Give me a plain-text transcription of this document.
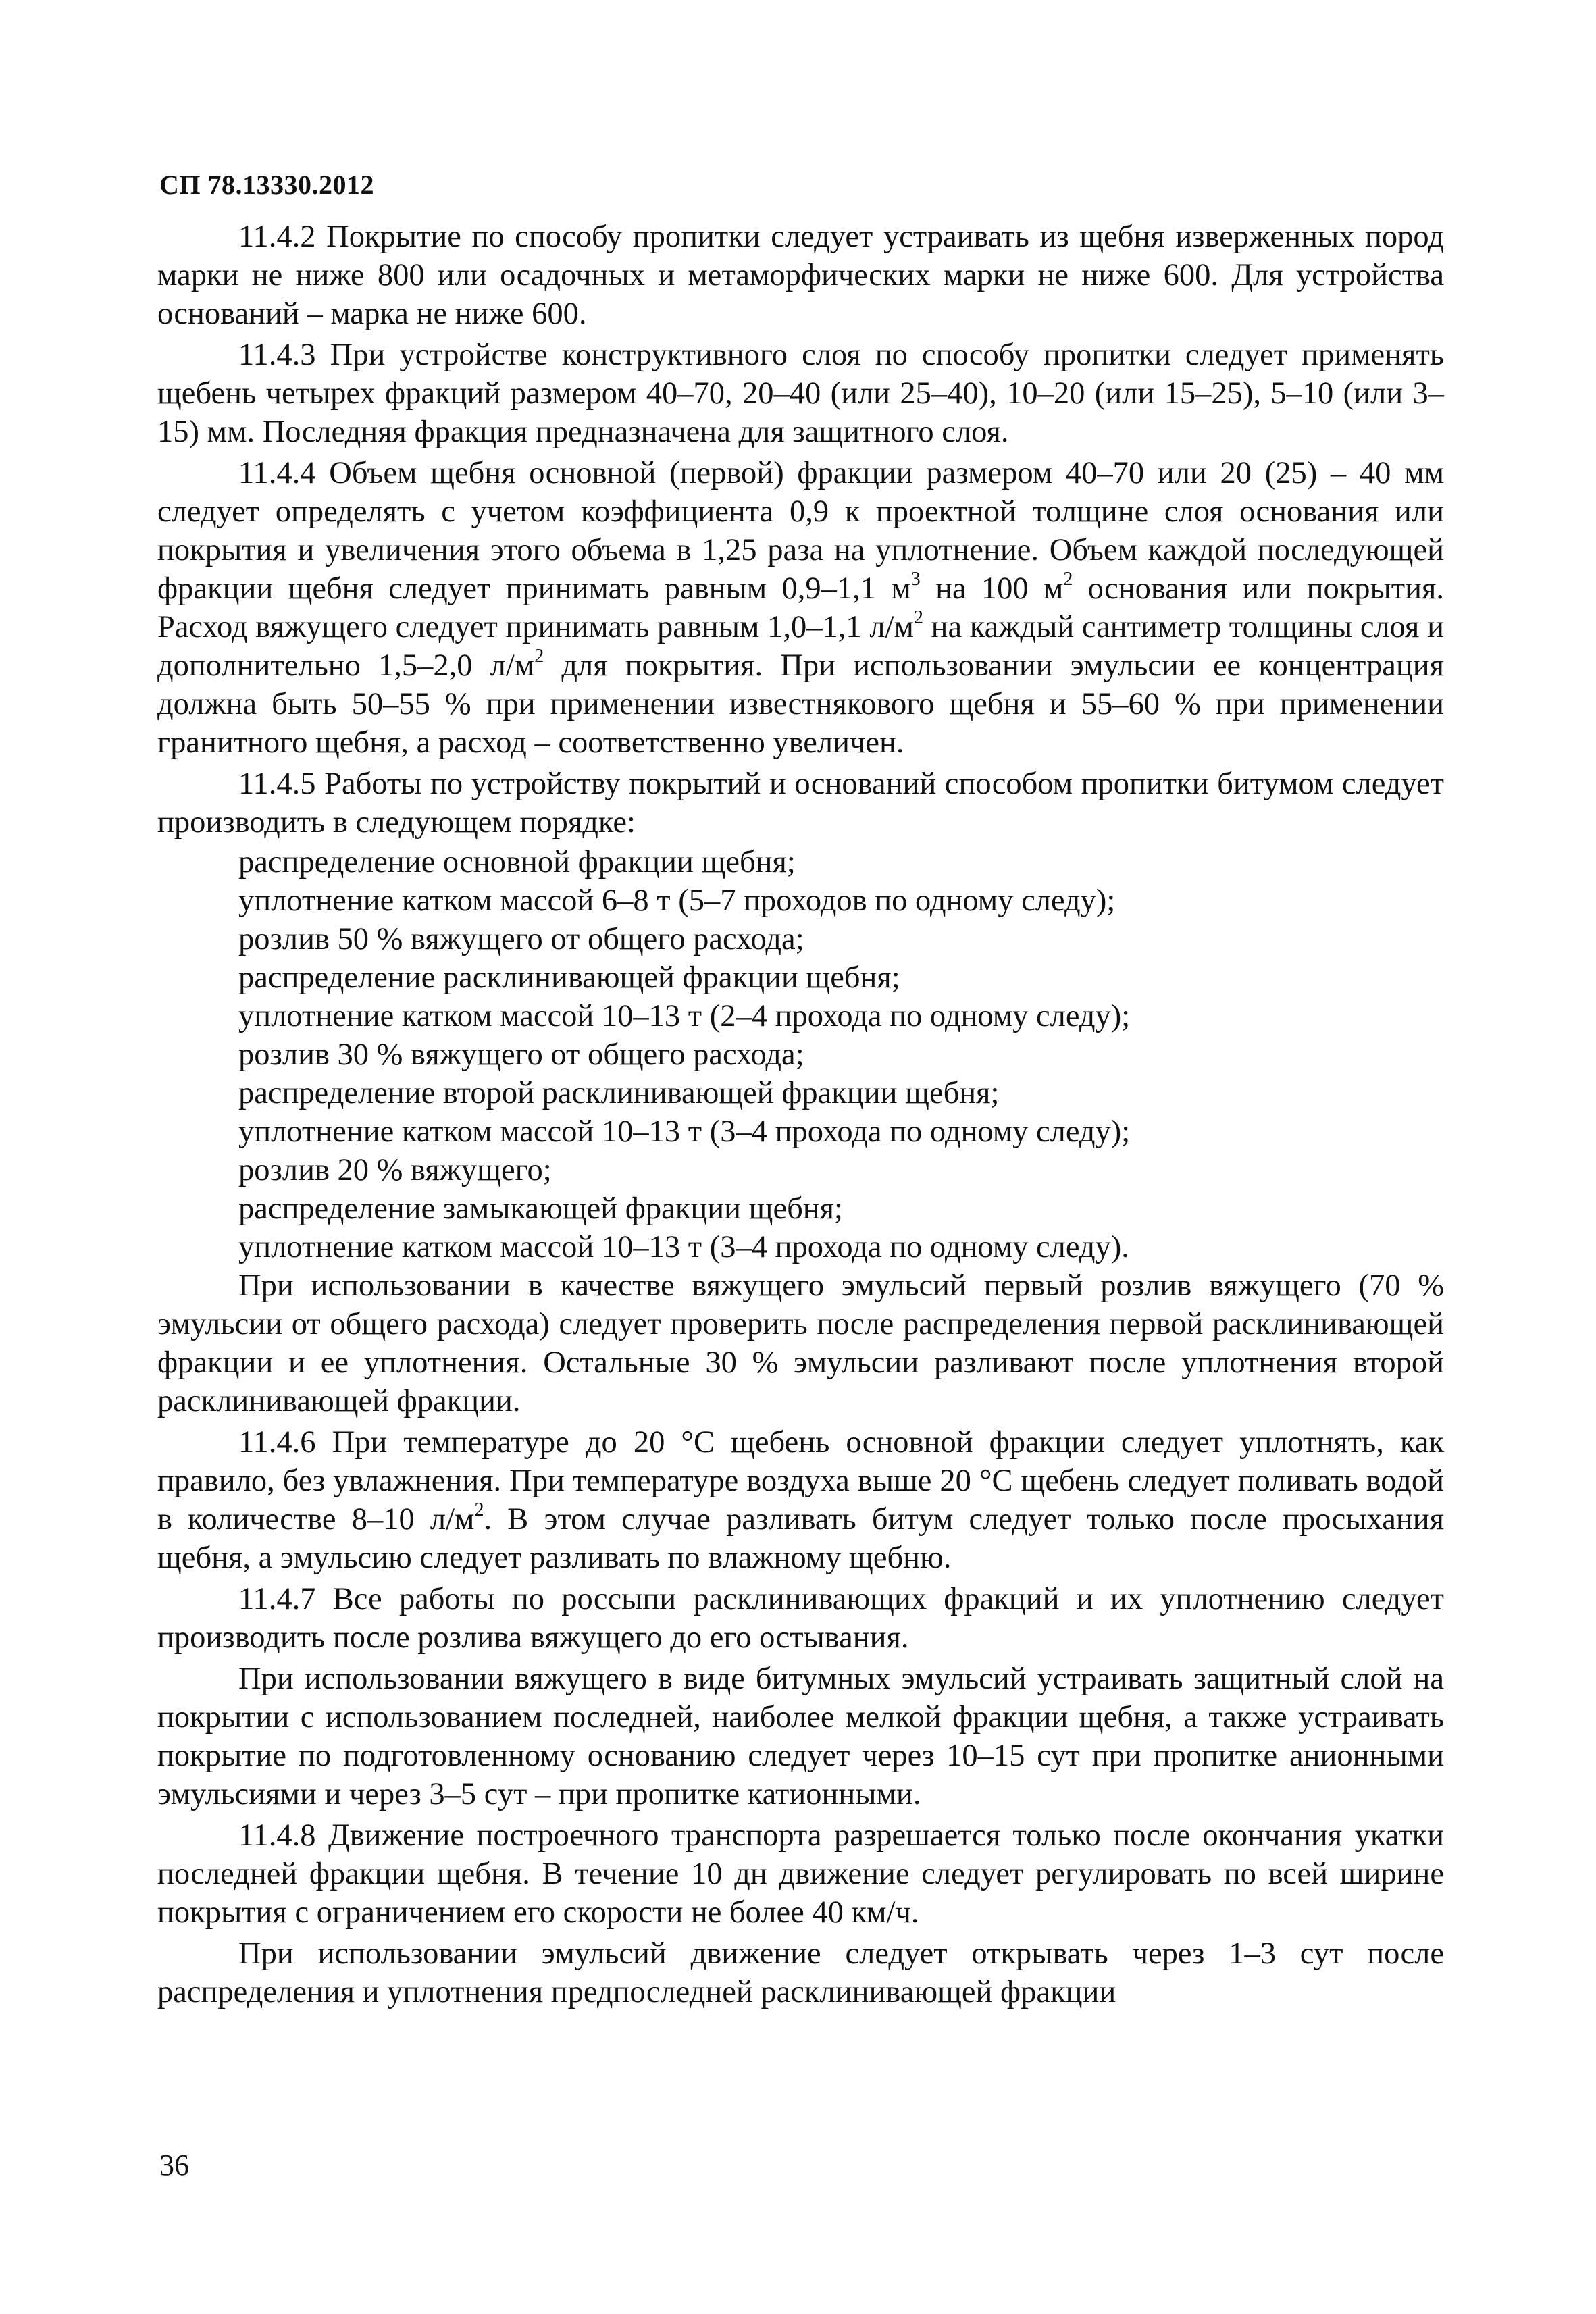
СП 78.13330.2012

11.4.2 Покрытие по способу пропитки следует устраивать из щебня изверженных пород марки не ниже 800 или осадочных и метаморфических марки не ниже 600. Для устройства оснований – марка не ниже 600.

11.4.3 При устройстве конструктивного слоя по способу пропитки следует применять щебень четырех фракций размером 40–70, 20–40 (или 25–40), 10–20 (или 15–25), 5–10 (или 3–15) мм. Последняя фракция предназначена для защитного слоя.

11.4.4 Объем щебня основной (первой) фракции размером 40–70 или 20 (25) – 40 мм следует определять с учетом коэффициента 0,9 к проектной толщине слоя основания или покрытия и увеличения этого объема в 1,25 раза на уплотнение. Объем каждой последующей фракции щебня следует принимать равным 0,9–1,1 $м^3$ на 100 $м^2$ основания или покрытия. Расход вяжущего следует принимать равным 1,0–1,1 $л/м^2$ на каждый сантиметр толщины слоя и дополнительно 1,5–2,0 $л/м^2$ для покрытия. При использовании эмульсии ее концентрация должна быть 50–55 % при применении известнякового щебня и 55–60 % при применении гранитного щебня, а расход – соответственно увеличен.

11.4.5 Работы по устройству покрытий и оснований способом пропитки битумом следует производить в следующем порядке:

распределение основной фракции щебня;
уплотнение катком массой 6–8 т (5–7 проходов по одному следу);
розлив 50 % вяжущего от общего расхода;
распределение расклинивающей фракции щебня;
уплотнение катком массой 10–13 т (2–4 прохода по одному следу);
розлив 30 % вяжущего от общего расхода;
распределение второй расклинивающей фракции щебня;
уплотнение катком массой 10–13 т (3–4 прохода по одному следу);
розлив 20 % вяжущего;
распределение замыкающей фракции щебня;
уплотнение катком массой 10–13 т (3–4 прохода по одному следу).

При использовании в качестве вяжущего эмульсий первый розлив вяжущего (70 % эмульсии от общего расхода) следует проверить после распределения первой расклинивающей фракции и ее уплотнения. Остальные 30 % эмульсии разливают после уплотнения второй расклинивающей фракции.

11.4.6 При температуре до 20 °С щебень основной фракции следует уплотнять, как правило, без увлажнения. При температуре воздуха выше 20 °С щебень следует поливать водой в количестве 8–10 $л/м^2$. В этом случае разливать битум следует только после просыхания щебня, а эмульсию следует разливать по влажному щебню.

11.4.7 Все работы по россыпи расклинивающих фракций и их уплотнению следует производить после розлива вяжущего до его остывания.

При использовании вяжущего в виде битумных эмульсий устраивать защитный слой на покрытии с использованием последней, наиболее мелкой фракции щебня, а также устраивать покрытие по подготовленному основанию следует через 10–15 сут при пропитке анионными эмульсиями и через 3–5 сут – при пропитке катионными.

11.4.8 Движение построечного транспорта разрешается только после окончания укатки последней фракции щебня. В течение 10 дн движение следует регулировать по всей ширине покрытия с ограничением его скорости не более 40 км/ч.

При использовании эмульсий движение следует открывать через 1–3 сут после распределения и уплотнения предпоследней расклинивающей фракции

36
